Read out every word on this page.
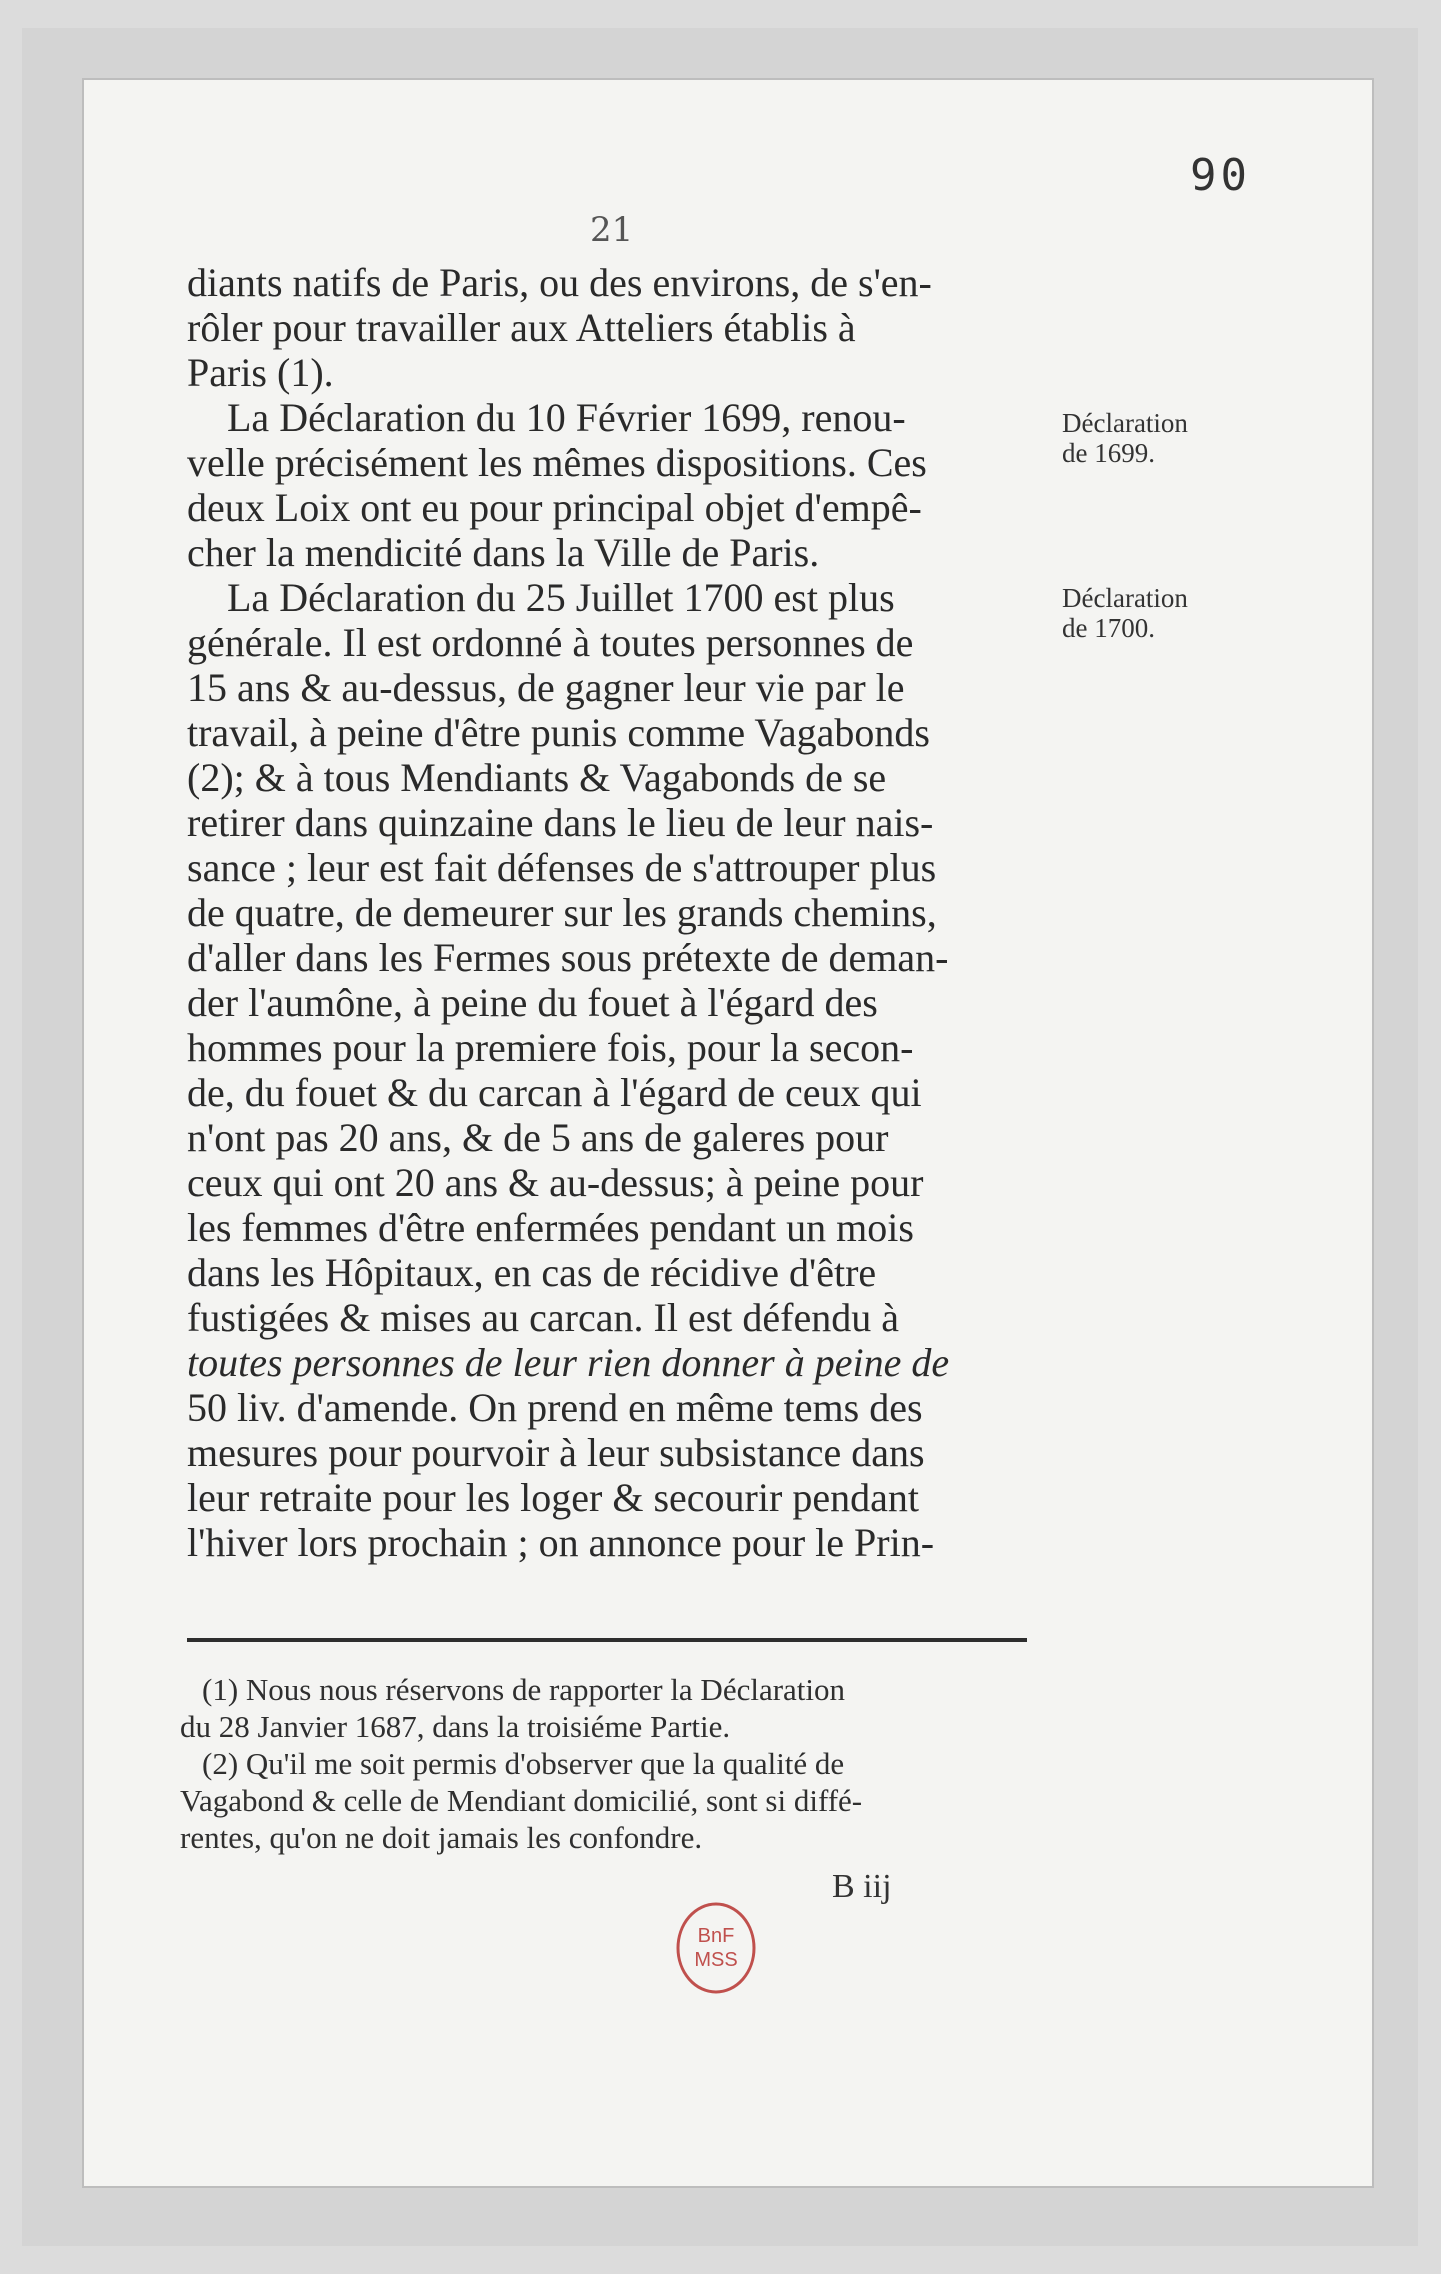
90
21
diants natifs de Paris, ou des environs, de s'en-
rôler pour travailler aux Atteliers établis à
Paris (1).
La Déclaration du 10 Février 1699, renou-
velle précisément les mêmes dispositions. Ces
deux Loix ont eu pour principal objet d'empê-
cher la mendicité dans la Ville de Paris.
La Déclaration du 25 Juillet 1700 est plus
générale. Il est ordonné à toutes personnes de
15 ans & au-dessus, de gagner leur vie par le
travail, à peine d'être punis comme Vagabonds
(2); & à tous Mendiants & Vagabonds de se
retirer dans quinzaine dans le lieu de leur nais-
sance ; leur est fait défenses de s'attrouper plus
de quatre, de demeurer sur les grands chemins,
d'aller dans les Fermes sous prétexte de deman-
der l'aumône, à peine du fouet à l'égard des
hommes pour la premiere fois, pour la secon-
de, du fouet & du carcan à l'égard de ceux qui
n'ont pas 20 ans, & de 5 ans de galeres pour
ceux qui ont 20 ans & au-dessus; à peine pour
les femmes d'être enfermées pendant un mois
dans les Hôpitaux, en cas de récidive d'être
fustigées & mises au carcan. Il est défendu à
toutes personnes de leur rien donner à peine de
50 liv. d'amende. On prend en même tems des
mesures pour pourvoir à leur subsistance dans
leur retraite pour les loger & secourir pendant
l'hiver lors prochain ; on annonce pour le Prin-
Déclaration
de 1699.
Déclaration
de 1700.
(1) Nous nous réservons de rapporter la Déclaration
du 28 Janvier 1687, dans la troisiéme Partie.
(2) Qu'il me soit permis d'observer que la qualité de
Vagabond & celle de Mendiant domicilié, sont si diffé-
rentes, qu'on ne doit jamais les confondre.
B iij
BnF
MSS
